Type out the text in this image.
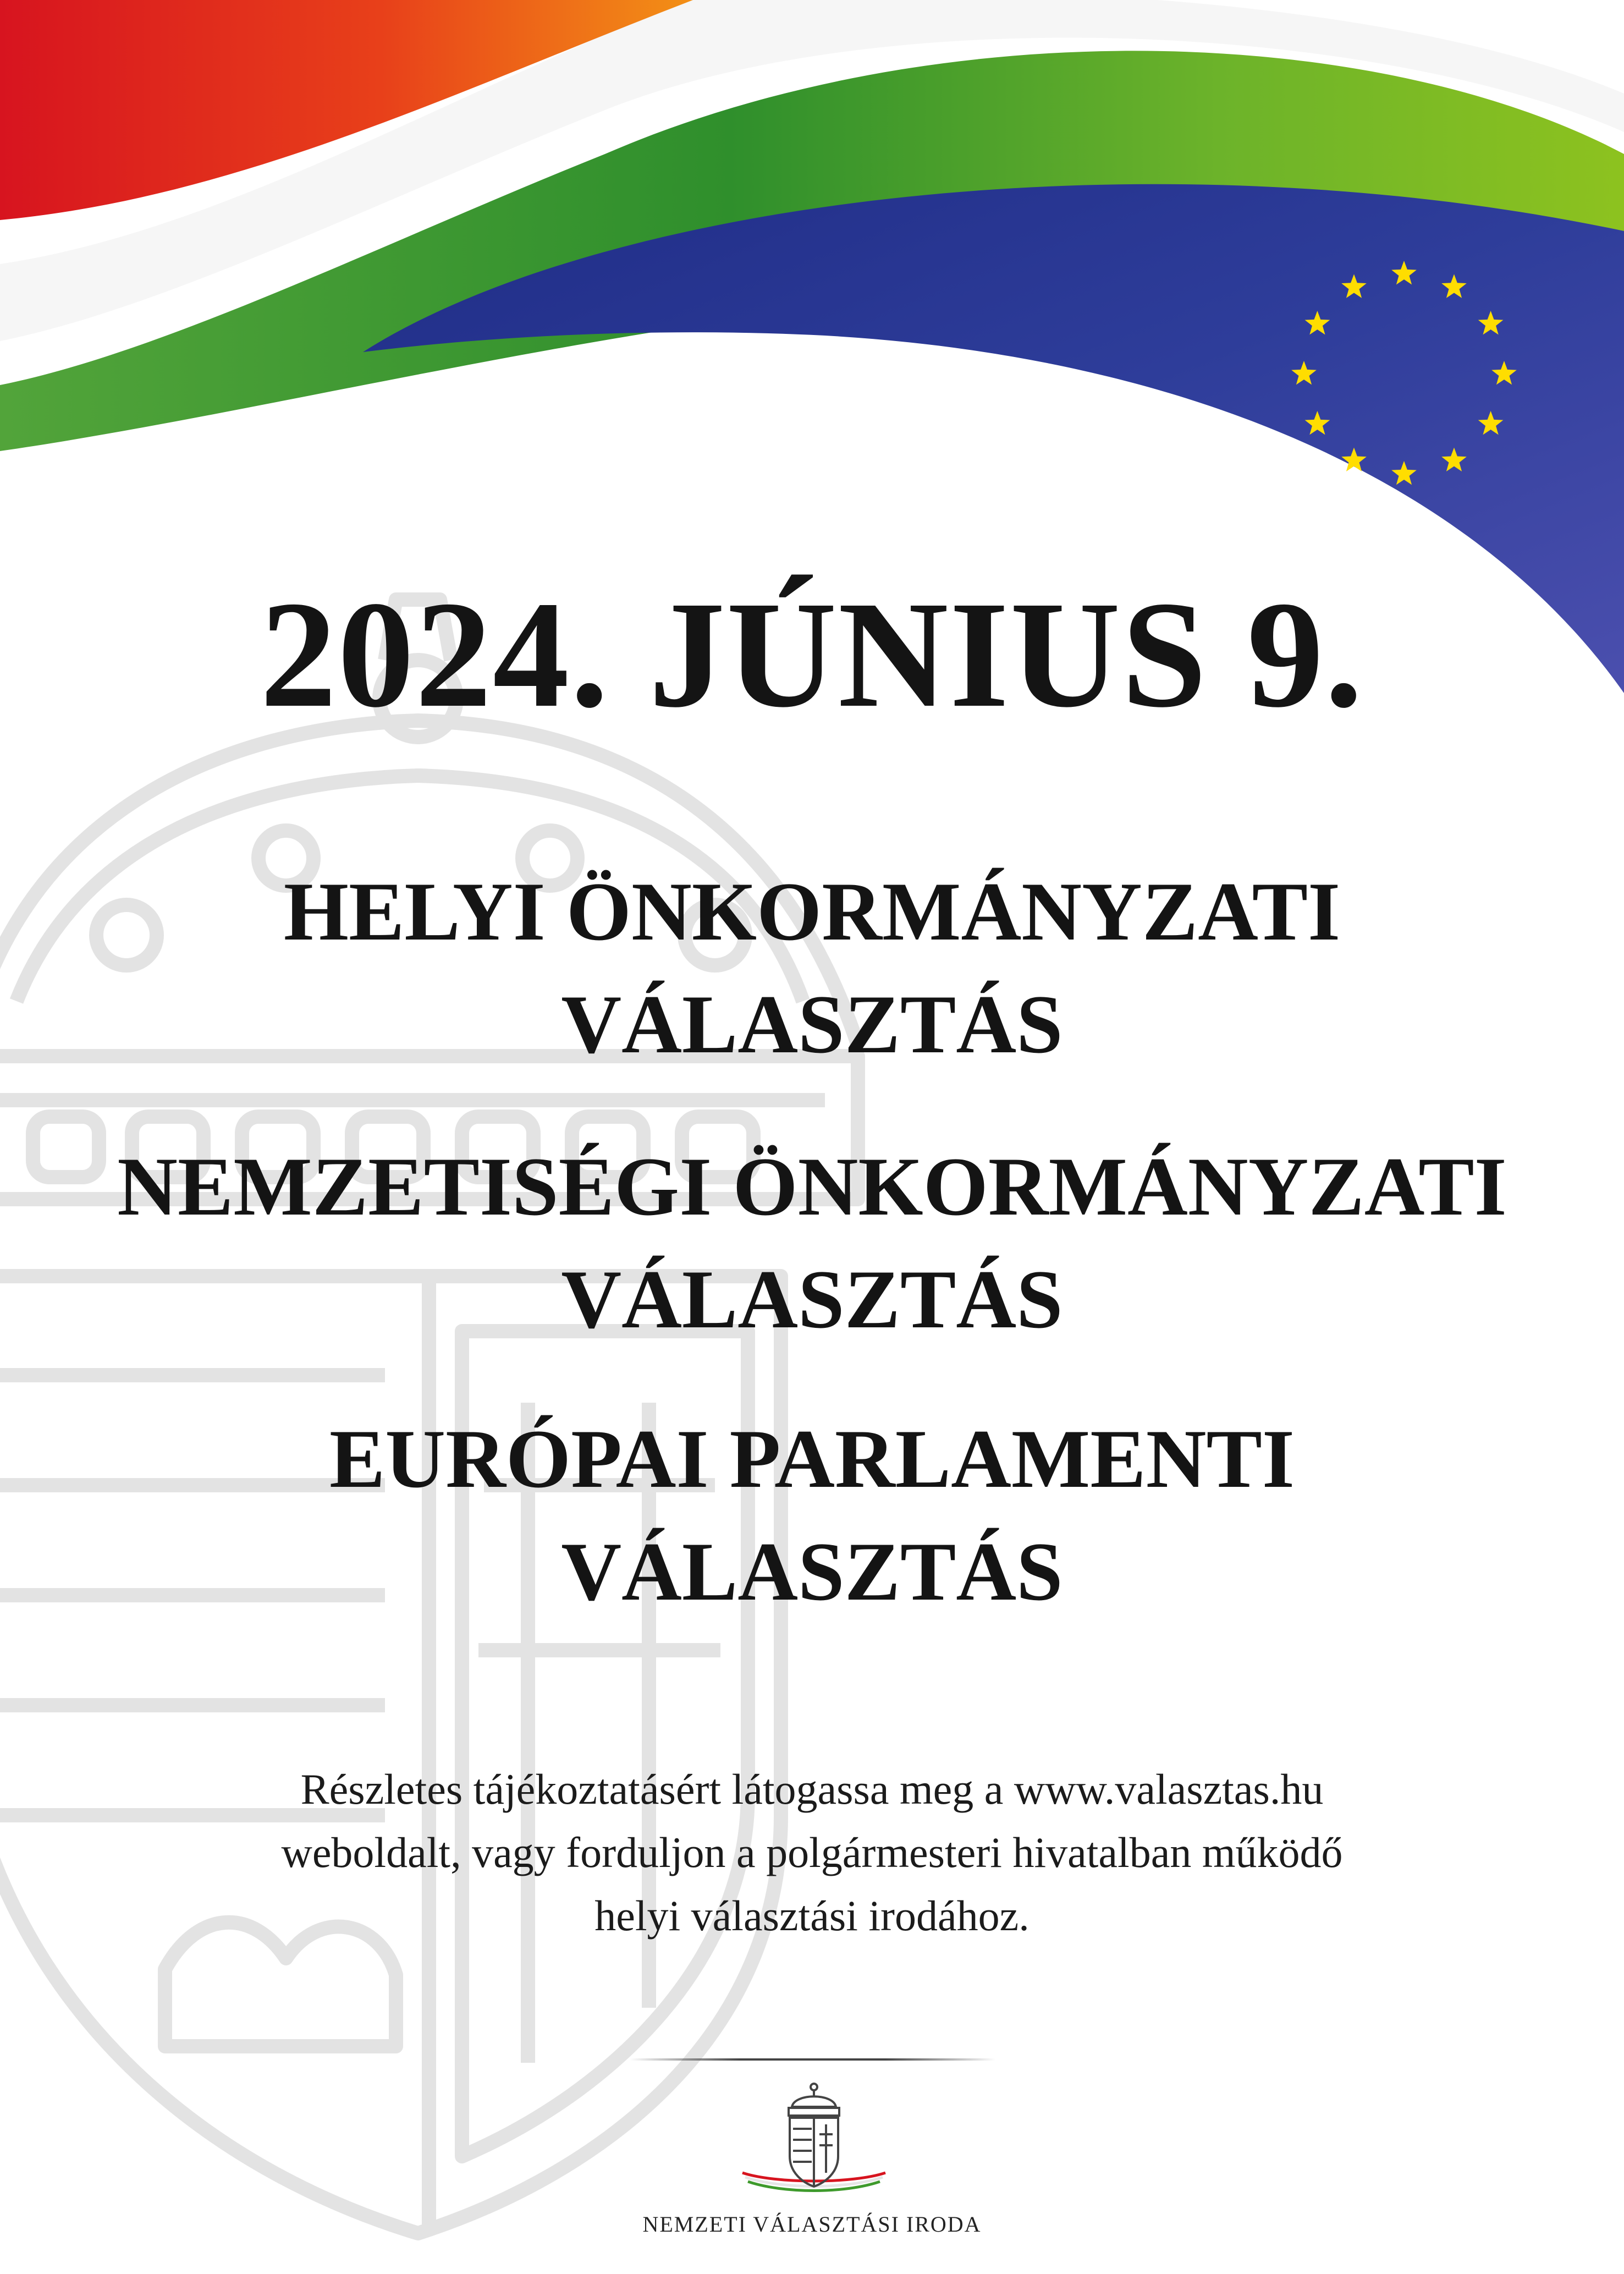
2024. JÚNIUS 9.

HELYI ÖNKORMÁNYZATI

VÁLASZTÁS

NEMZETISÉGI ÖNKORMÁNYZATI

VÁLASZTÁS

EURÓPAI PARLAMENTI

VÁLASZTÁS

Részletes tájékoztatásért látogassa meg a www.valasztas.hu

weboldalt, vagy forduljon a polgármesteri hivatalban működő

helyi választási irodához.

NEMZETI VÁLASZTÁSI IRODA
